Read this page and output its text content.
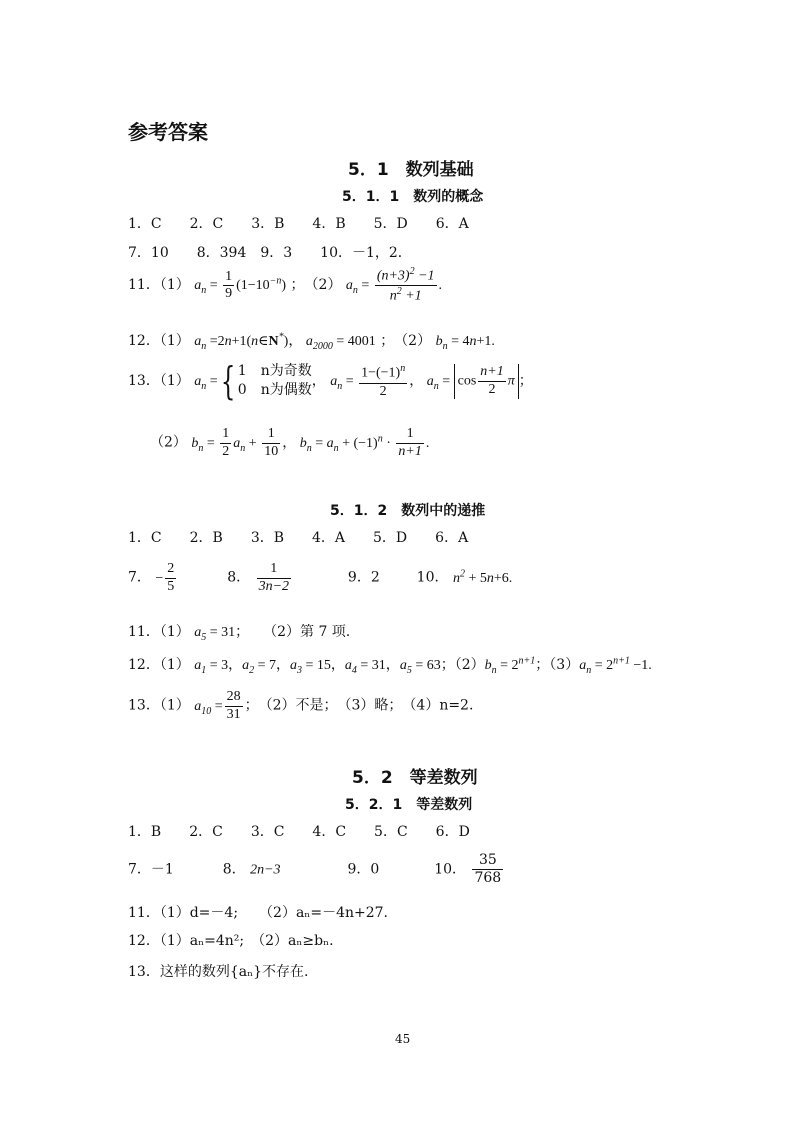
参考答案
5．1　数列基础
5．1．1　数列的概念
1．C　　2．C　　3．B　　4．B　　5．D　　6．A
7．10　　8．394　9．3　　10．－1，2．
11．（1） $a_n = \frac{1}{9} (1-10^{-n})$ ；　（2） $a_n = \frac{(n+3)^2 -1}{n^2 +1}$ .
12．（1） $a_n$ =2n+1(n∈N*)， $a_{2000} = 4001$ ；　（2） $b_n = 4n+1$.
13．（1） $a_n$ ={ 1　n为奇数
0　n为偶数
， $a_n = \frac{1-(-1)^n}{2}$ ， $a_n = \cos \frac{n+1}{2}$ π ；
（2） $b_n = \frac{1}{2} a_n + \frac{1}{10}$ ， $b_n = a_n + (-1)^n \cdot \frac{1}{n+1}$ .
5．1．2　数列中的递推
1．C　　2．B　　3．B　　4．A　　5．D　　6．A
7． − $\frac{2}{5}$	8． $\frac{1}{3n-2}$	9．2	10． $n^2 + 5n+6$.
11．（1） $a_5 = 31$；　　（2）第 7 项.
12．（1） $a_1 = 3$，$a_2 = 7$，$a_3 = 15$，$a_4 = 31$，$a_5 = 63$；$(2)b_n = 2^{n+1}$；$(3)a_n = 2^{n+1} -1$.
13．（1） $a_{10} = \frac{28}{31}$ ；　（2）不是；　（3）略；　（4）n=2.
5．2　等差数列
5．2．1　等差数列
1．B　　2．C　　3．C　　4．C　　5．C　　6．D
7．－1	8． 2n−3	9．0	10． $\frac{35}{768}$
11．（1）d=－4;　　（2）aₙ=－4n+27.
12．（1）aₙ=4n²;　（2）aₙ≥bₙ.
13．这样的数列{aₙ}不存在.
45
